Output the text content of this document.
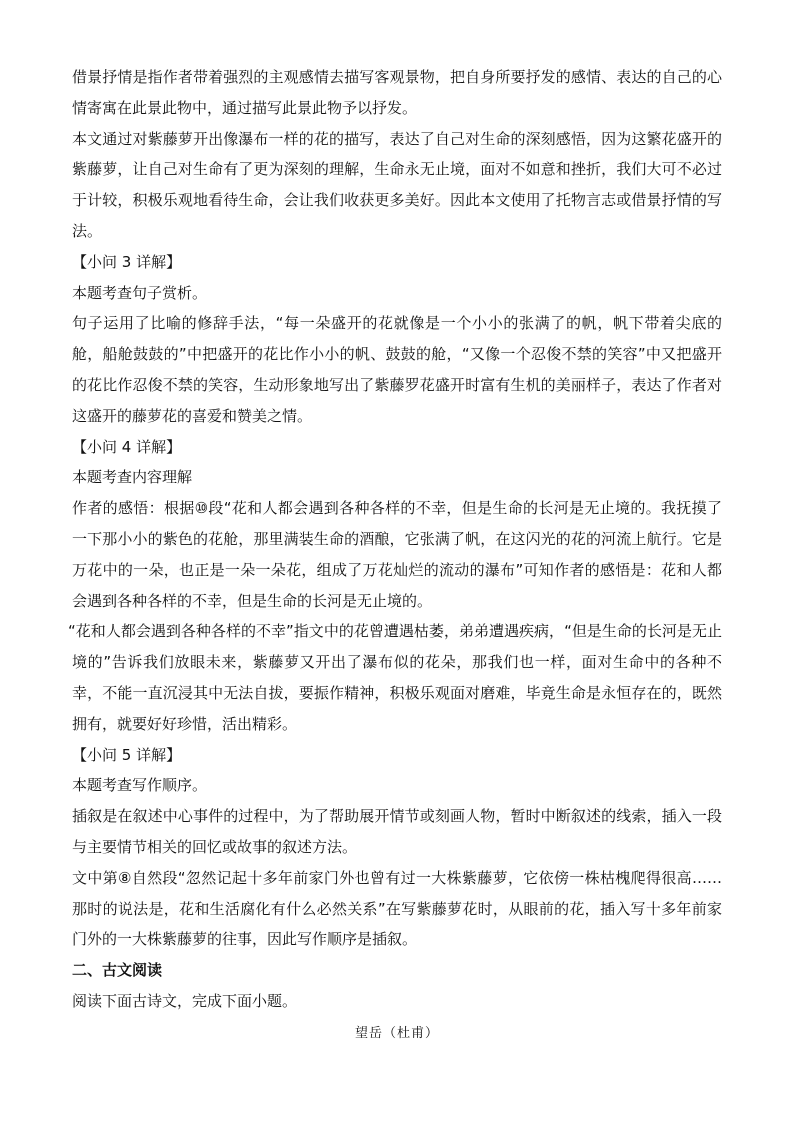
借景抒情是指作者带着强烈的主观感情去描写客观景物，把自身所要抒发的感情、表达的自己的心情寄寓在此景此物中，通过描写此景此物予以抒发。

本文通过对紫藤萝开出像瀑布一样的花的描写，表达了自己对生命的深刻感悟，因为这繁花盛开的紫藤萝，让自己对生命有了更为深刻的理解，生命永无止境，面对不如意和挫折，我们大可不必过于计较，积极乐观地看待生命，会让我们收获更多美好。因此本文使用了托物言志或借景抒情的写法。

【小问 3 详解】

本题考查句子赏析。

句子运用了比喻的修辞手法，“每一朵盛开的花就像是一个小小的张满了的帆，帆下带着尖底的舱，船舱鼓鼓的”中把盛开的花比作小小的帆、鼓鼓的舱，“又像一个忍俊不禁的笑容”中又把盛开的花比作忍俊不禁的笑容，生动形象地写出了紫藤罗花盛开时富有生机的美丽样子，表达了作者对这盛开的藤萝花的喜爱和赞美之情。

【小问 4 详解】

本题考查内容理解

作者的感悟：根据⑩段“花和人都会遇到各种各样的不幸，但是生命的长河是无止境的。我抚摸了一下那小小的紫色的花舱，那里满装生命的酒酿，它张满了帆，在这闪光的花的河流上航行。它是万花中的一朵，也正是一朵一朵花，组成了万花灿烂的流动的瀑布”可知作者的感悟是：花和人都会遇到各种各样的不幸，但是生命的长河是无止境的。

“花和人都会遇到各种各样的不幸”指文中的花曾遭遇枯萎，弟弟遭遇疾病，“但是生命的长河是无止境的”告诉我们放眼未来，紫藤萝又开出了瀑布似的花朵，那我们也一样，面对生命中的各种不幸，不能一直沉浸其中无法自拔，要振作精神，积极乐观面对磨难，毕竟生命是永恒存在的，既然拥有，就要好好珍惜，活出精彩。

【小问 5 详解】

本题考查写作顺序。

插叙是在叙述中心事件的过程中，为了帮助展开情节或刻画人物，暂时中断叙述的线索，插入一段与主要情节相关的回忆或故事的叙述方法。

文中第⑧自然段“忽然记起十多年前家门外也曾有过一大株紫藤萝，它依傍一株枯槐爬得很高……那时的说法是，花和生活腐化有什么必然关系”在写紫藤萝花时，从眼前的花，插入写十多年前家门外的一大株紫藤萝的往事，因此写作顺序是插叙。

二、古文阅读

阅读下面古诗文，完成下面小题。

望岳（杜甫）
